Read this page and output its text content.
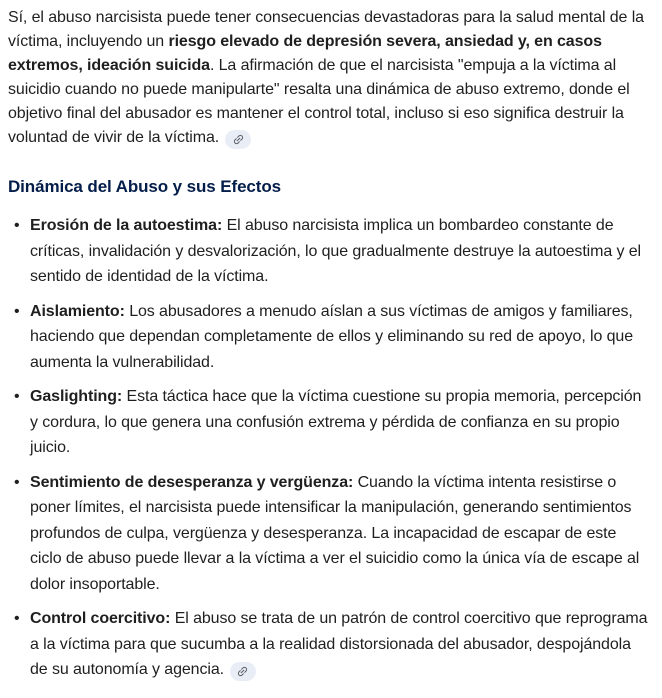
Sí, el abuso narcisista puede tener consecuencias devastadoras para la salud mental de la víctima, incluyendo un riesgo elevado de depresión severa, ansiedad y, en casos extremos, ideación suicida. La afirmación de que el narcisista "empuja a la víctima al suicidio cuando no puede manipularte" resalta una dinámica de abuso extremo, donde el objetivo final del abusador es mantener el control total, incluso si eso significa destruir la voluntad de vivir de la víctima.

Dinámica del Abuso y sus Efectos
• Erosión de la autoestima: El abuso narcisista implica un bombardeo constante de críticas, invalidación y desvalorización, lo que gradualmente destruye la autoestima y el sentido de identidad de la víctima.
• Aislamiento: Los abusadores a menudo aíslan a sus víctimas de amigos y familiares, haciendo que dependan completamente de ellos y eliminando su red de apoyo, lo que aumenta la vulnerabilidad.
• Gaslighting: Esta táctica hace que la víctima cuestione su propia memoria, percepción y cordura, lo que genera una confusión extrema y pérdida de confianza en su propio juicio.
• Sentimiento de desesperanza y vergüenza: Cuando la víctima intenta resistirse o poner límites, el narcisista puede intensificar la manipulación, generando sentimientos profundos de culpa, vergüenza y desesperanza. La incapacidad de escapar de este ciclo de abuso puede llevar a la víctima a ver el suicidio como la única vía de escape al dolor insoportable.
• Control coercitivo: El abuso se trata de un patrón de control coercitivo que reprograma a la víctima para que sucumba a la realidad distorsionada del abusador, despojándola de su autonomía y agencia.
